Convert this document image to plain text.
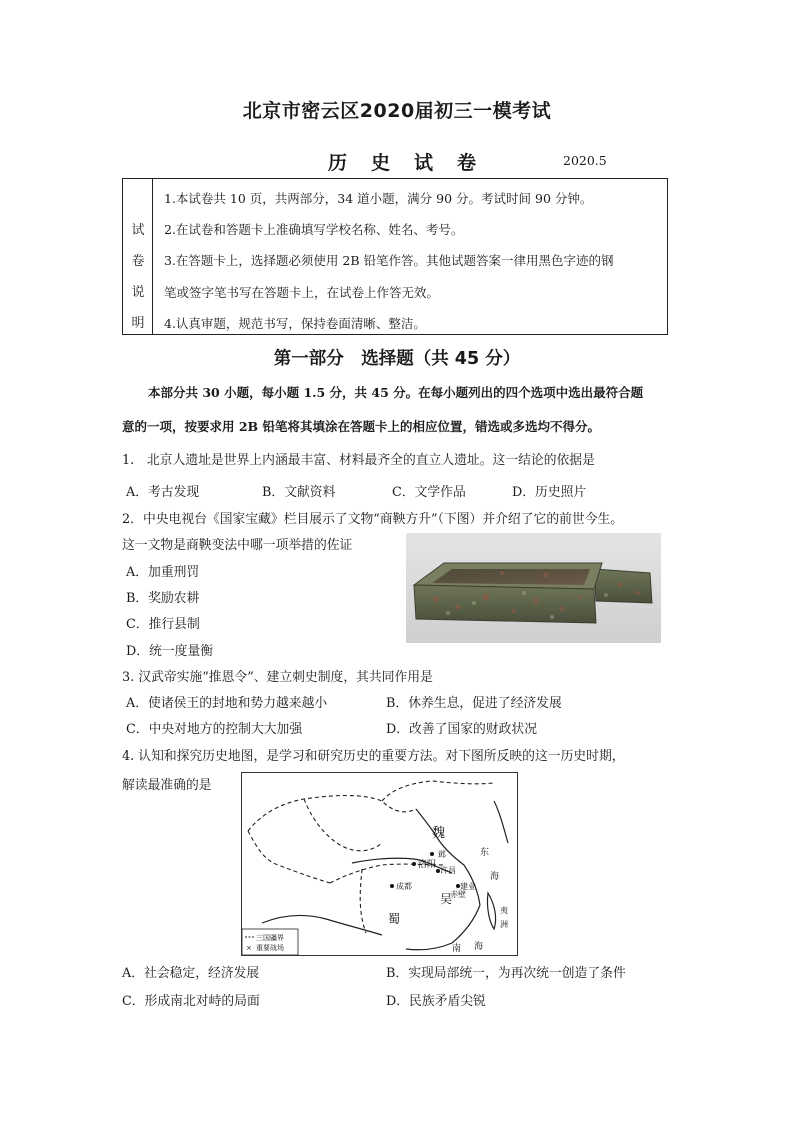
北京市密云区2020届初三一模考试
历史试卷	2020.5
试
卷
说
明
1.本试卷共 10 页，共两部分，34 道小题，满分 90 分。考试时间 90 分钟。
2.在试卷和答题卡上准确填写学校名称、姓名、考号。
3.在答题卡上，选择题必须使用 2B 铅笔作答。其他试题答案一律用黑色字迹的钢
笔或签字笔书写在答题卡上，在试卷上作答无效。
4.认真审题，规范书写，保持卷面清晰、整洁。
第一部分　选择题（共 45 分）
本部分共 30 小题，每小题 1.5 分，共 45 分。在每小题列出的四个选项中选出最符合题
意的一项，按要求用 2B 铅笔将其填涂在答题卡上的相应位置，错选或多选均不得分。
1.　北京人遗址是世界上内涵最丰富、材料最齐全的直立人遗址。这一结论的依据是
A．考古发现	B．文献资料	C．文学作品	D．历史照片
2．中央电视台《国家宝藏》栏目展示了文物“商鞅方升”（下图）并介绍了它的前世今生。
这一文物是商鞅变法中哪一项举措的佐证
A．加重刑罚
B．奖励农耕
C．推行县制
D．统一度量衡
3. 汉武帝实施“推恩令”、建立刺史制度，其共同作用是
A．使诸侯王的封地和势力越来越小	B．休养生息，促进了经济发展
C．中央对地方的控制大大加强	D．改善了国家的财政状况
4. 认知和探究历史地图，是学习和研究历史的重要方法。对下图所反映的这一历史时期，
解读最准确的是
魏
蜀
吴
邺
洛阳
许昌
成都	建业
赤壁
东
海
夷
洲
南 海
三国疆界
× 重要战场
A．社会稳定，经济发展	B．实现局部统一，为再次统一创造了条件
C．形成南北对峙的局面	D．民族矛盾尖锐
